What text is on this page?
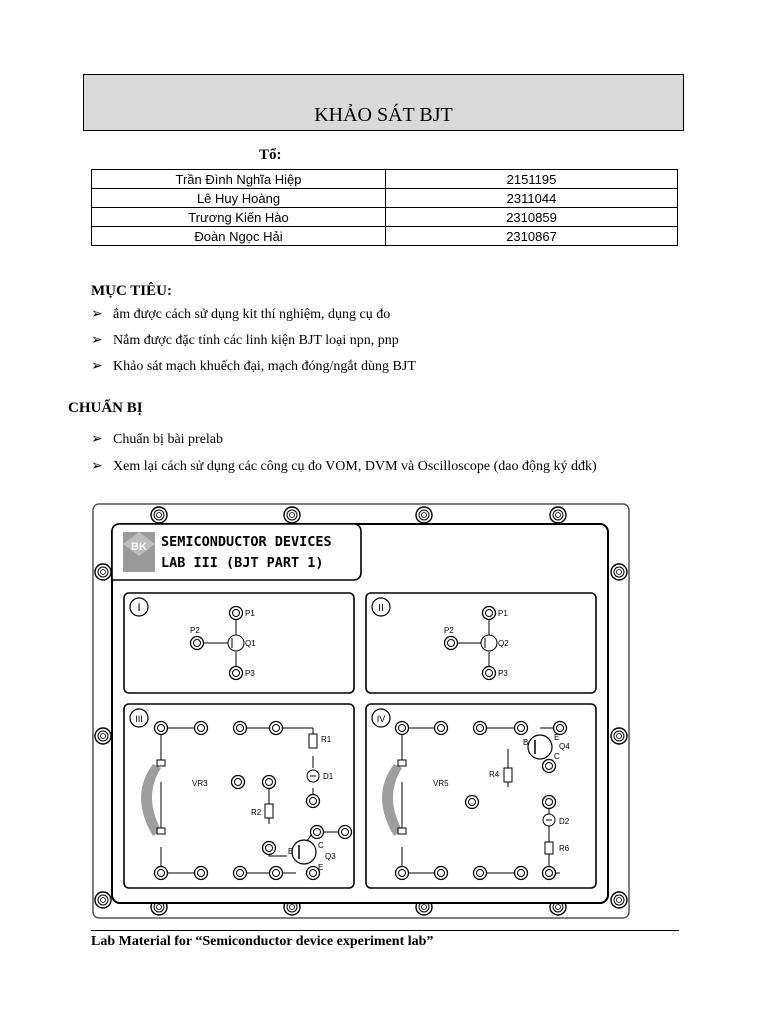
KHẢO SÁT BJT
Tổ:
Trần Đình Nghĩa Hiệp	2151195
Lê Huy Hoàng	2311044
Trương Kiến Hào	2310859
Đoàn Ngọc Hải	2310867
MỤC TIÊU:
➢ ắm được cách sử dụng kit thí nghiệm, dụng cụ đo
➢ Nắm được đặc tính các linh kiện BJT loại npn, pnp
➢ Khảo sát mạch khuếch đại, mạch đóng/ngắt dùng BJT
CHUẨN BỊ
➢ Chuẩn bị bài prelab
➢ Xem lại cách sử dụng các công cụ đo VOM, DVM và Oscilloscope (dao động ký dđk)
BK SEMICONDUCTOR DEVICES
LAB III (BJT PART 1)
I	P1
P2
Q1
P3
II	P1
P2
Q2
P3
III
R1
D1
VR3
R2
B
C
Q3
E
IV
B
E
Q4
C
R4
VR5
D2
R6
Lab Material for “Semiconductor device experiment lab”
